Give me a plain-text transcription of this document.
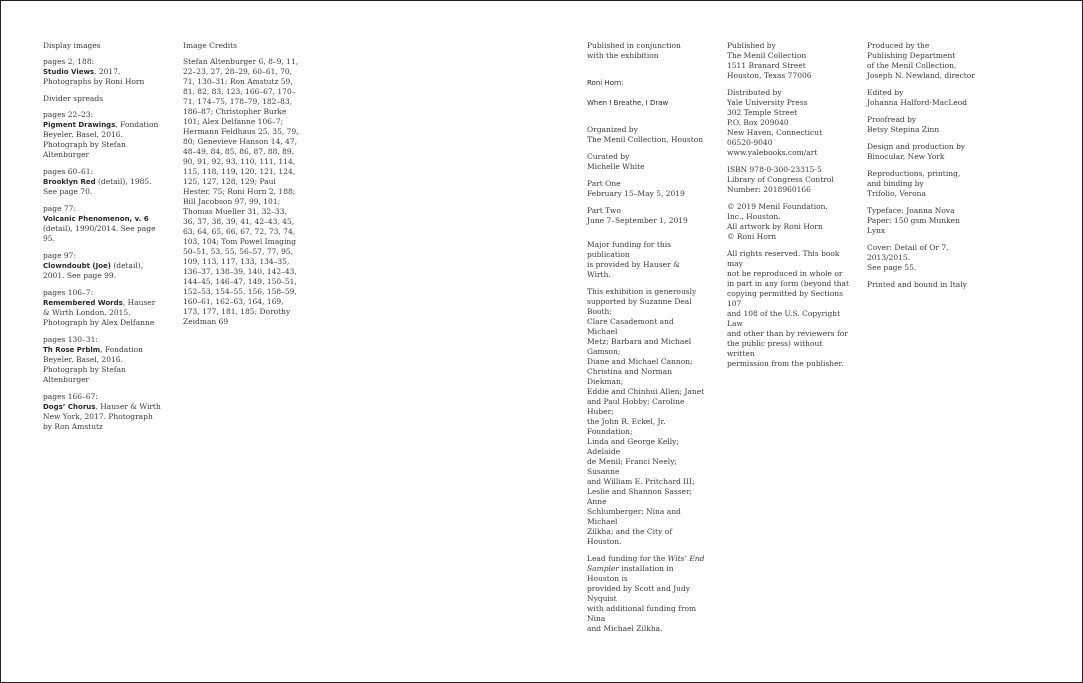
Display images
pages 2, 188:
Studio Views, 2017. Photographs by Roni Horn
Divider spreads
pages 22–23:
Pigment Drawings, Fondation Beyeler, Basel, 2016. Photograph by Stefan Altenburger
pages 60–61:
Brooklyn Red (detail), 1985. See page 70.
page 77:
Volcanic Phenomenon, v. 6 (detail), 1990/2014. See page 95.
page 97:
Clowndoubt (Joe) (detail), 2001. See page 99.
pages 106–7:
Remembered Words, Hauser & Wirth London, 2015. Photograph by Alex Delfanne
pages 130–31:
Th Rose Prblm, Fondation Beyeler, Basel, 2016. Photograph by Stefan Altenburger
pages 166–67:
Dogs’ Chorus, Hauser & Wirth New York, 2017. Photograph by Ron Amstutz
Image Credits
Stefan Altenburger 6, 8–9, 11, 22–23, 27, 28–29, 60–61, 70, 71, 130–31; Ron Amstutz 59, 81, 82, 83, 123, 166–67, 170–71, 174–75, 178–79, 182–83, 186–87; Christopher Burke 101; Alex Delfanne 106–7; Hermann Feldhaus 25, 35, 79, 80; Genevieve Hanson 14, 47, 48–49, 84, 85, 86, 87, 88, 89, 90, 91, 92, 93, 110, 111, 114, 115, 118, 119, 120, 121, 124, 125, 127, 128, 129; Paul Hester, 75; Roni Horn 2, 188; Bill Jacobson 97, 99, 101; Thomas Mueller 31, 32–33, 36, 37, 38, 39, 41, 42–43, 45, 63, 64, 65, 66, 67, 72, 73, 74, 103, 104; Tom Powel Imaging 50–51, 53, 55, 56–57, 77, 95, 109, 113, 117, 133, 134–35, 136–37, 138–39, 140, 142–43, 144–45, 146–47, 149, 150–51, 152–53, 154–55, 156, 158–59, 160–61, 162–63, 164, 169, 173, 177, 181, 185; Dorothy Zeidman 69
Published in conjunction
with the exhibition

Roni Horn:

When I Breathe, I Draw

Organized by
The Menil Collection, Houston
Curated by
Michelle White
Part One
February 15–May 5, 2019
Part Two
June 7–September 1, 2019
Major funding for this publication
is provided by Hauser & Wirth.
This exhibition is generously
supported by Suzanne Deal Booth;
Clare Casademont and Michael
Metz; Barbara and Michael Gamson;
Diane and Michael Cannon;
Christina and Norman Diekman;
Eddie and Chinhui Allen; Janet
and Paul Hobby; Caroline Huber;
the John R. Eckel, Jr. Foundation;
Linda and George Kelly; Adelaide
de Menil; Franci Neely; Susanne
and William E. Pritchard III;
Leslie and Shannon Sasser; Anne
Schlumberger; Nina and Michael
Zilkha; and the City of Houston.
Lead funding for the Wits’ End
Sampler installation in Houston is
provided by Scott and Judy Nyquist
with additional funding from Nina
and Michael Zilkha.
Published by
The Menil Collection
1511 Branard Street
Houston, Texas 77006
Distributed by
Yale University Press
302 Temple Street
P.O. Box 209040
New Haven, Connecticut
06520-9040
www.yalebooks.com/art
ISBN 978-0-300-23315-5
Library of Congress Control
Number: 2018960166
© 2019 Menil Foundation,
Inc., Houston.
All artwork by Roni Horn
© Roni Horn
All rights reserved. This book may
not be reproduced in whole or
in part in any form (beyond that
copying permitted by Sections 107
and 108 of the U.S. Copyright Law
and other than by reviewers for
the public press) without written
permission from the publisher.
Produced by the
Publishing Department
of the Menil Collection,
Joseph N. Newland, director
Edited by
Johanna Halford-MacLeod
Proofread by
Betsy Stepina Zinn
Design and production by
Binocular, New York
Reproductions, printing,
and binding by
Trifolio, Verona
Typeface: Joanna Nova
Paper: 150 gsm Munken Lynx
Cover: Detail of Or 7, 2013/2015.
See page 55.
Printed and bound in Italy
